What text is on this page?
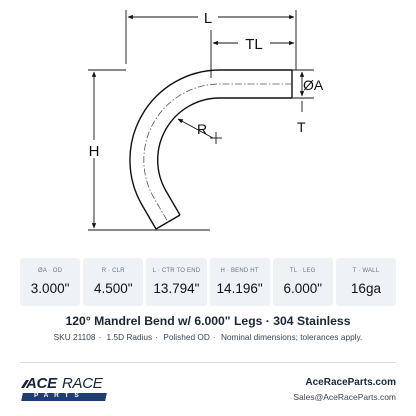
L
TL
ØA
T
H
R
ØA · OD
3.000"
R · CLR
4.500"
L · CTR TO END
13.794"
H · BEND HT
14.196"
TL · LEG
6.000"
T · WALL
16ga
120° Mandrel Bend w/ 6.000" Legs · 304 Stainless
SKU 21108 · 1.5D Radius · Polished OD · Nominal dimensions; tolerances apply.
ACE RACE
PARTS
AceRaceParts.com
Sales@AceRaceParts.com
